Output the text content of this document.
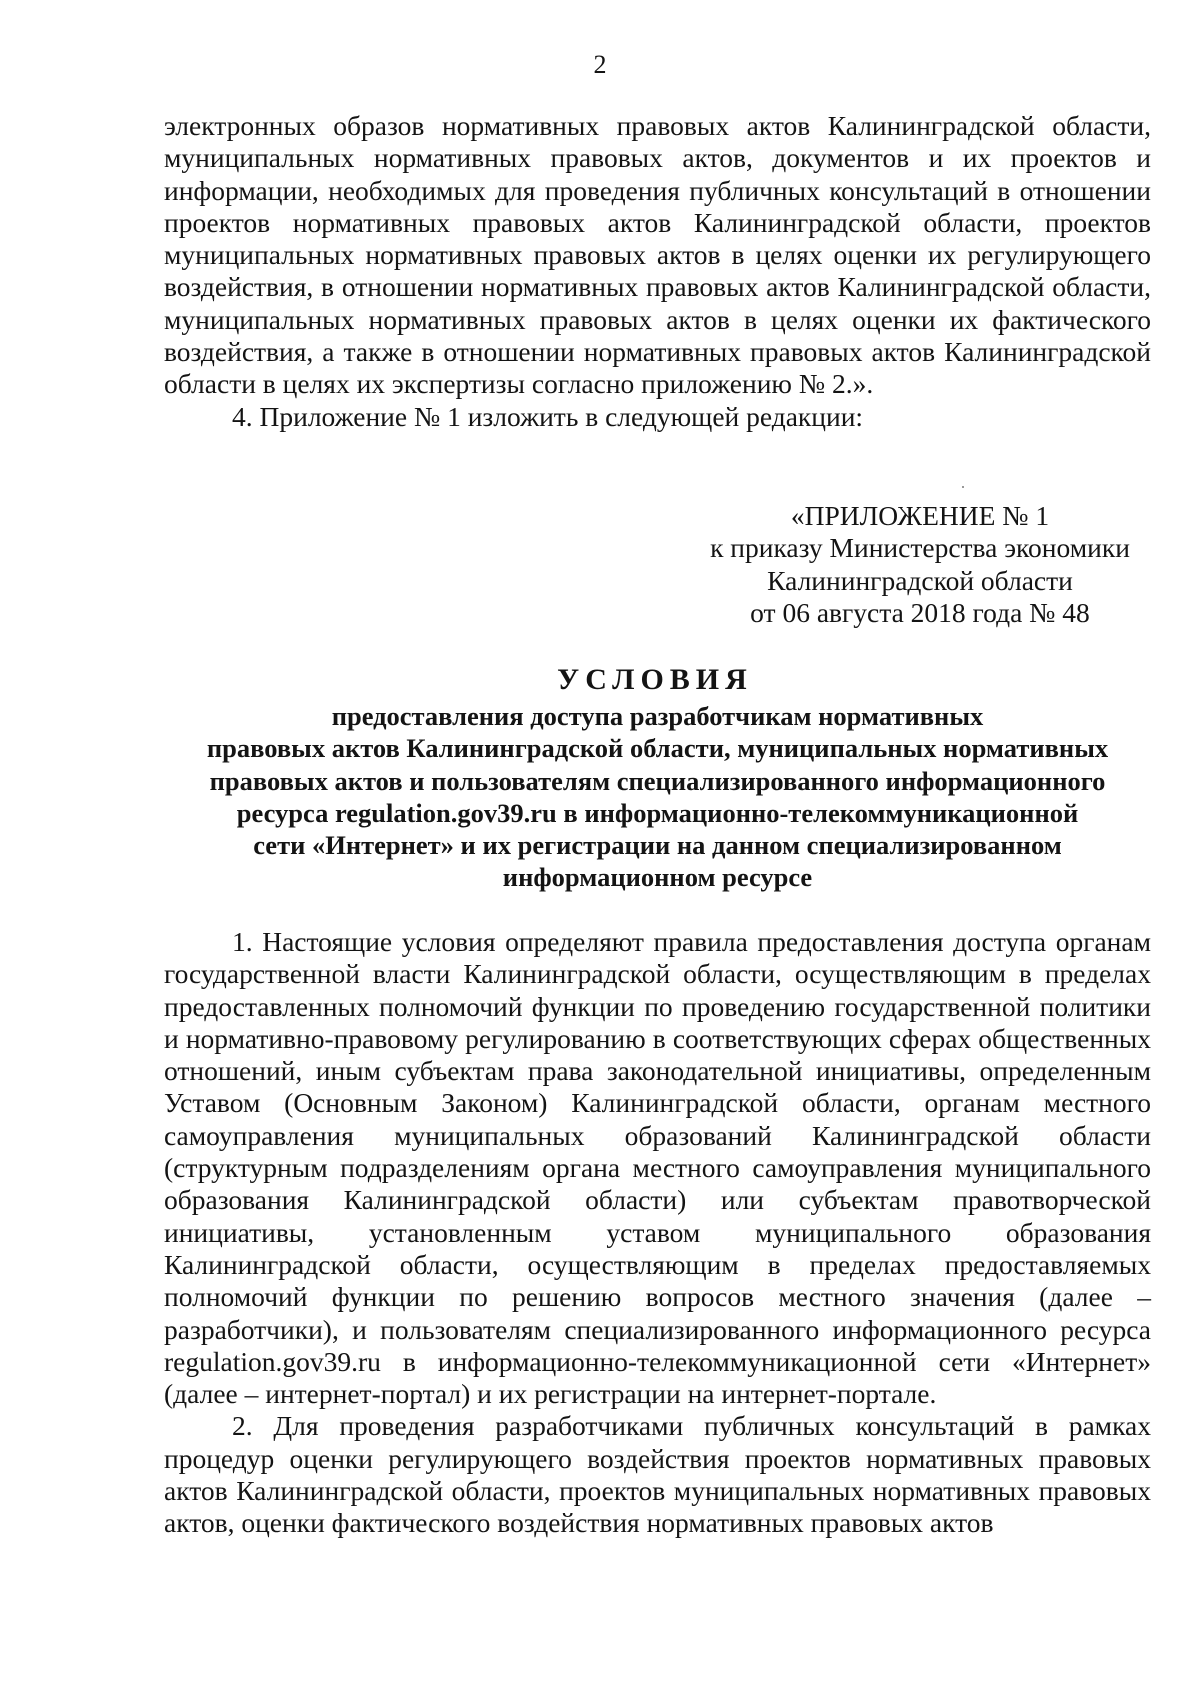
2

электронных образов нормативных правовых актов Калининградской области, муниципальных нормативных правовых актов, документов и их проектов и информации, необходимых для проведения публичных консультаций в отношении проектов нормативных правовых актов Калининградской области, проектов муниципальных нормативных правовых актов в целях оценки их регулирующего воздействия, в отношении нормативных правовых актов Калининградской области, муниципальных нормативных правовых актов в целях оценки их фактического воздействия, а также в отношении нормативных правовых актов Калининградской области в целях их экспертизы согласно приложению № 2.».

4. Приложение № 1 изложить в следующей редакции:

«ПРИЛОЖЕНИЕ № 1
к приказу Министерства экономики
Калининградской области
от 06 августа 2018 года № 48
УСЛОВИЯ
предоставления доступа разработчикам нормативных
правовых актов Калининградской области, муниципальных нормативных
правовых актов и пользователям специализированного информационного
ресурса regulation.gov39.ru в информационно-телекоммуникационной
сети «Интернет» и их регистрации на данном специализированном
информационном ресурсе

1. Настоящие условия определяют правила предоставления доступа органам государственной власти Калининградской области, осуществляющим в пределах предоставленных полномочий функции по проведению государственной политики и нормативно-правовому регулированию в соответствующих сферах общественных отношений, иным субъектам права законодательной инициативы, определенным Уставом (Основным Законом) Калининградской области, органам местного самоуправления муниципальных образований Калининградской области (структурным подразделениям органа местного самоуправления муниципального образования Калининградской области) или субъектам правотворческой инициативы, установленным уставом муниципального образования Калининградской области, осуществляющим в пределах предоставляемых полномочий функции по решению вопросов местного значения (далее – разработчики), и пользователям специализированного информационного ресурса regulation.gov39.ru в информационно-телекоммуникационной сети «Интернет» (далее – интернет-портал) и их регистрации на интернет-портале.

2. Для проведения разработчиками публичных консультаций в рамках процедур оценки регулирующего воздействия проектов нормативных правовых актов Калининградской области, проектов муниципальных нормативных правовых актов, оценки фактического воздействия нормативных правовых актов
